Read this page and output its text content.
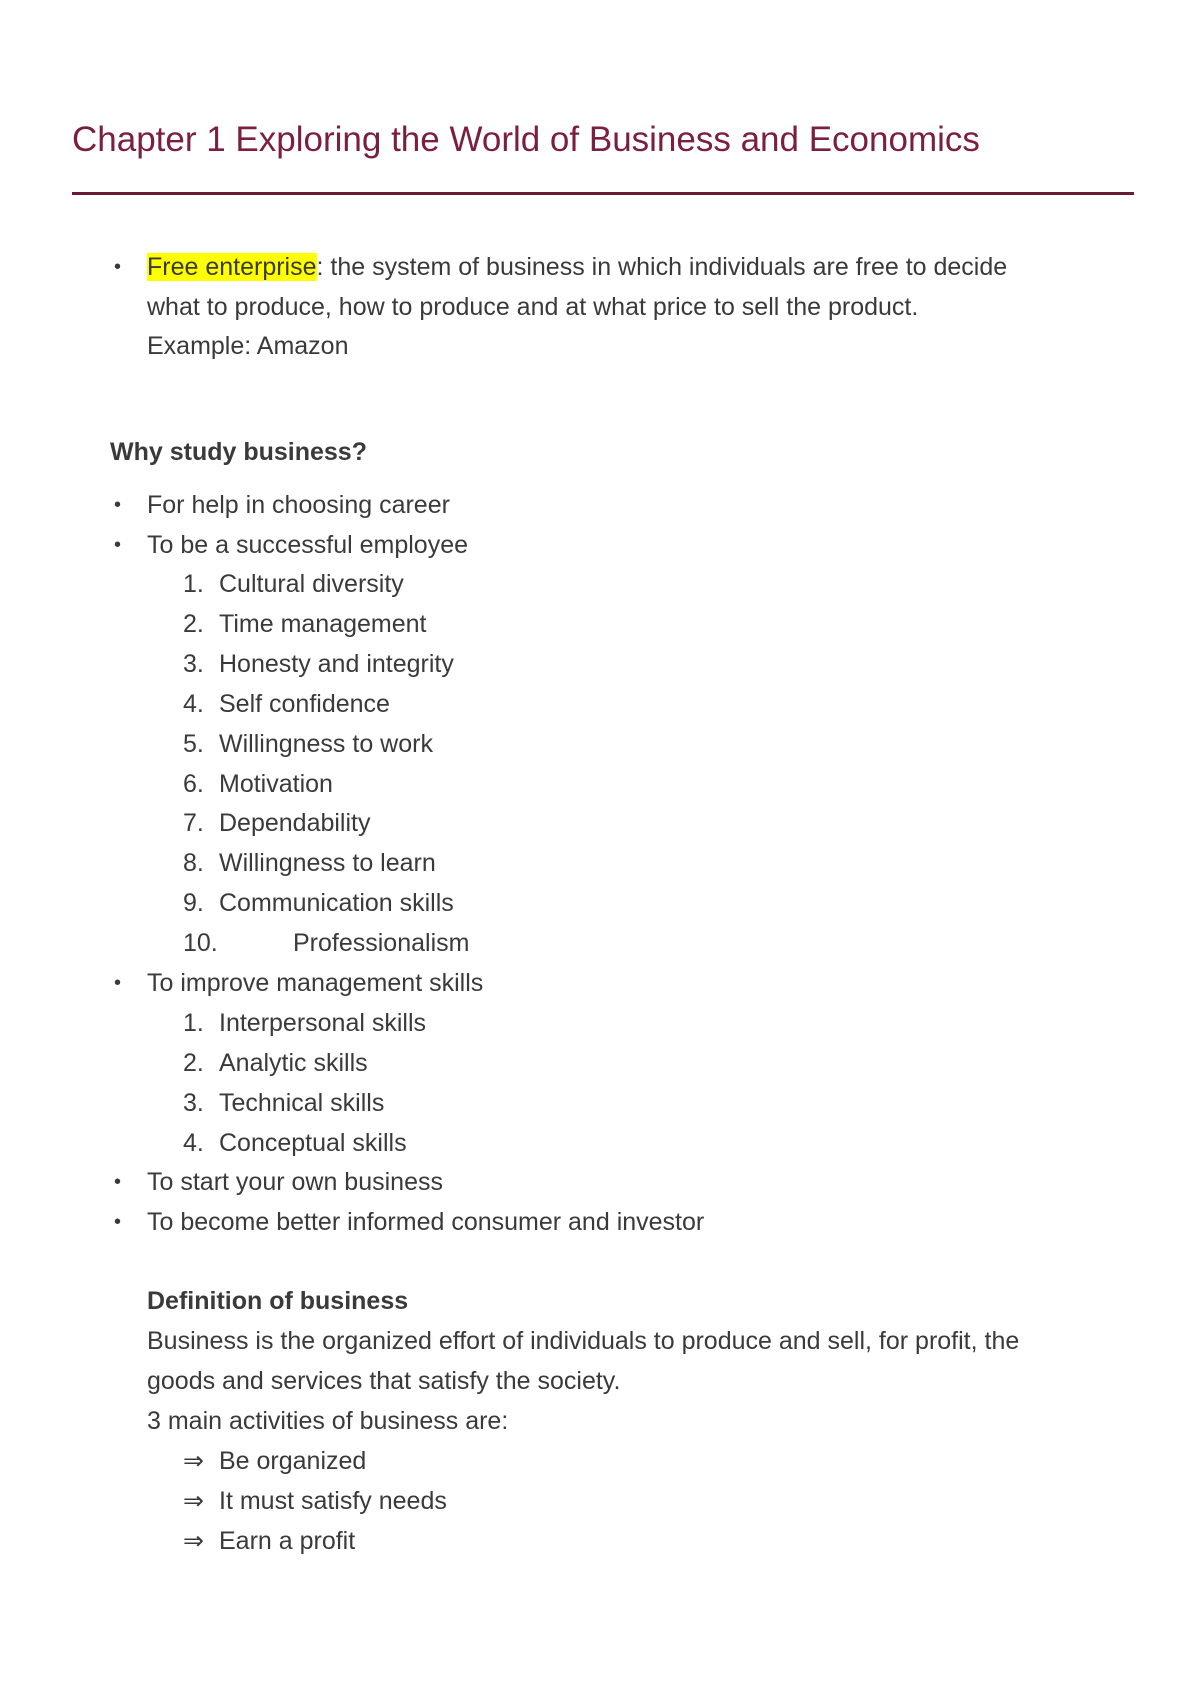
Chapter 1 Exploring the World of Business and Economics
• Free enterprise: the system of business in which individuals are free to decide
what to produce, how to produce and at what price to sell the product.
Example: Amazon
Why study business?
• For help in choosing career
• To be a successful employee
1. Cultural diversity
2. Time management
3. Honesty and integrity
4. Self confidence
5. Willingness to work
6. Motivation
7. Dependability
8. Willingness to learn
9. Communication skills
10.	Professionalism
• To improve management skills
1. Interpersonal skills
2. Analytic skills
3. Technical skills
4. Conceptual skills
• To start your own business
• To become better informed consumer and investor
Definition of business
Business is the organized effort of individuals to produce and sell, for profit, the
goods and services that satisfy the society.
3 main activities of business are:
⇒ Be organized
⇒ It must satisfy needs
⇒ Earn a profit
